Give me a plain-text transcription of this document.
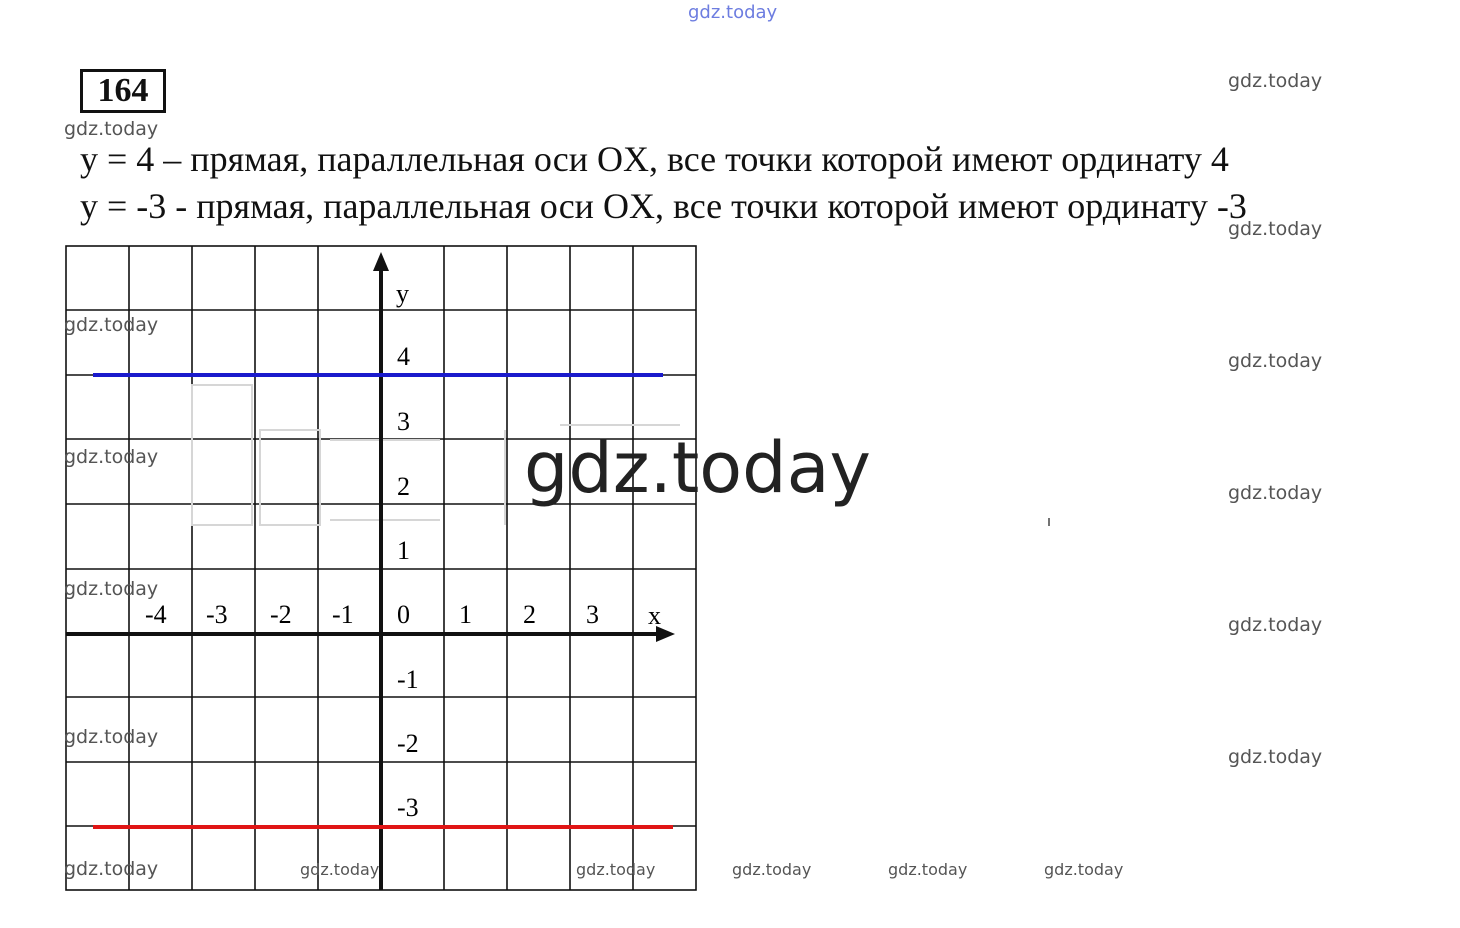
gdz.today
164
y = 4 – прямая, параллельная оси OX, все точки которой имеют ординату 4
y = -3 - прямая, параллельная оси OX, все точки которой имеют ординату -3
x
y
-4 -3 -2 -1 0 1 2 3
4
3
2
1
-1
-2
-3
gdz.today
gdz.today
gdz.today
gdz.today
gdz.today
gdz.today
gdz.today
gdz.today
gdz.today
gdz.today
gdz.today
gdz.today
gdz.today
gdz.today	gdz.today	gdz.today	gdz.today	gdz.today
